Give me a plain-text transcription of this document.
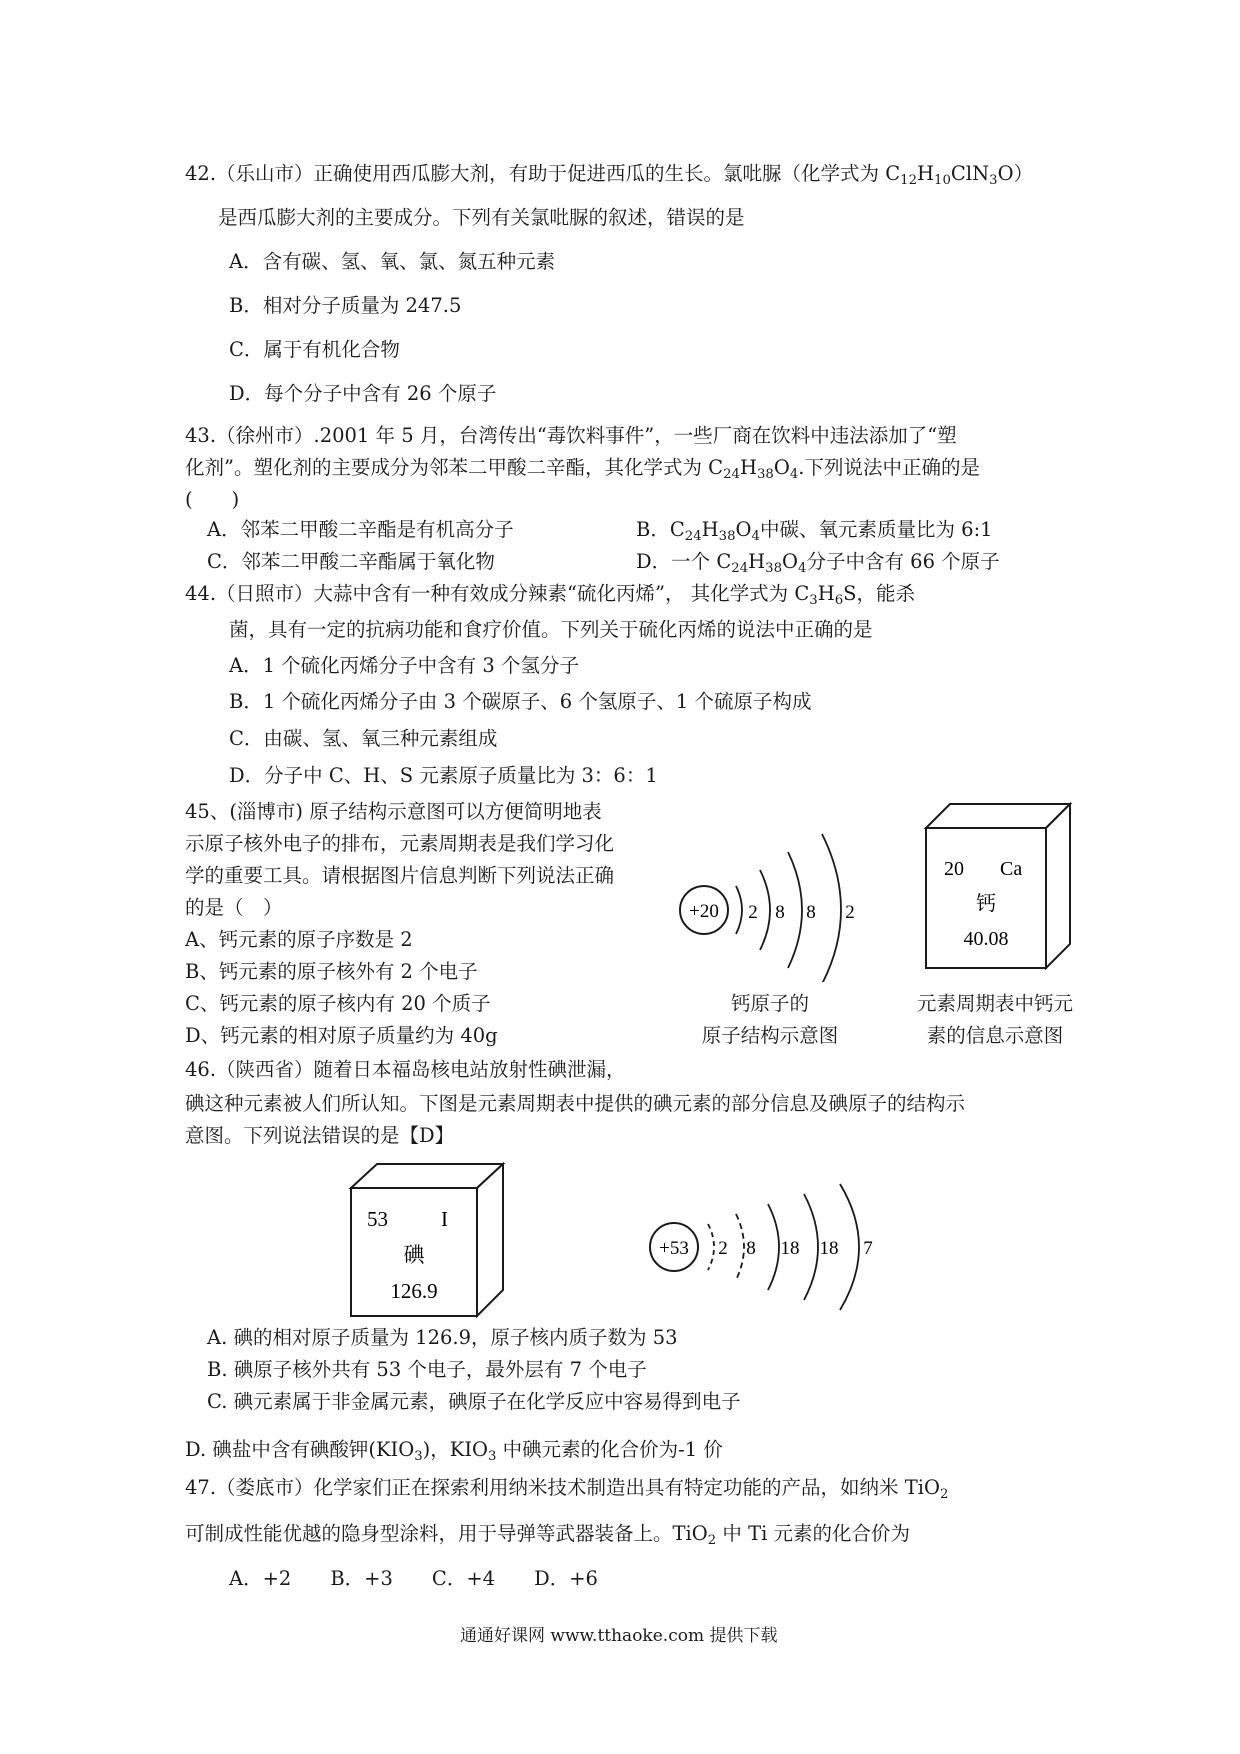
42.（乐山市）正确使用西瓜膨大剂，有助于促进西瓜的生长。氯吡脲（化学式为 $C_{12}H_{10}ClN_3O$）
是西瓜膨大剂的主要成分。下列有关氯吡脲的叙述，错误的是
A．含有碳、氢、氧、氯、氮五种元素
B．相对分子质量为 247.5
C．属于有机化合物
D．每个分子中含有 26 个原子
43.（徐州市）.2001 年 5 月，台湾传出“毒饮料事件”，一些厂商在饮料中违法添加了“塑
化剂”。塑化剂的主要成分为邻苯二甲酸二辛酯，其化学式为 $C_{24}H_{38}O_4$.下列说法中正确的是
(　　)
A．邻苯二甲酸二辛酯是有机高分子	B．$C_{24}H_{38}O_4$中碳、氧元素质量比为 6:1
C．邻苯二甲酸二辛酯属于氧化物	D．一个 $C_{24}H_{38}O_4$分子中含有 66 个原子
44.（日照市）大蒜中含有一种有效成分辣素“硫化丙烯”， 其化学式为 $C_3H_6S$，能杀
菌，具有一定的抗病功能和食疗价值。下列关于硫化丙烯的说法中正确的是
A．1 个硫化丙烯分子中含有 3 个氢分子
B．1 个硫化丙烯分子由 3 个碳原子、6 个氢原子、1 个硫原子构成
C．由碳、氢、氧三种元素组成
D．分子中 C、H、S 元素原子质量比为 3：6：1
45、(淄博市) 原子结构示意图可以方便简明地表
示原子核外电子的排布，元素周期表是我们学习化
学的重要工具。请根据图片信息判断下列说法正确
的是（　）
A、钙元素的原子序数是 2
B、钙元素的原子核外有 2 个电子
C、钙元素的原子核内有 20 个质子
D、钙元素的相对原子质量约为 40g
+20 2 8 8 2
钙原子的
原子结构示意图
20 Ca
钙
40.08
元素周期表中钙元
素的信息示意图
46.（陕西省）随着日本福岛核电站放射性碘泄漏，
碘这种元素被人们所认知。下图是元素周期表中提供的碘元素的部分信息及碘原子的结构示
意图。下列说法错误的是【D】
53	I
碘
126.9
+53 2 8 18 18 7
A. 碘的相对原子质量为 126.9，原子核内质子数为 53
B. 碘原子核外共有 53 个电子，最外层有 7 个电子
C. 碘元素属于非金属元素，碘原子在化学反应中容易得到电子
D. 碘盐中含有碘酸钾$(KIO_3)$，$KIO_3$ 中碘元素的化合价为-1 价
47.（娄底市）化学家们正在探索利用纳米技术制造出具有特定功能的产品，如纳米 TiO$_2$
可制成性能优越的隐身型涂料，用于导弹等武器装备上。TiO$_2$ 中 Ti 元素的化合价为
A．+2　　B．+3　　C．+4　　D．+6
通通好课网 www.tthaoke.com 提供下载
